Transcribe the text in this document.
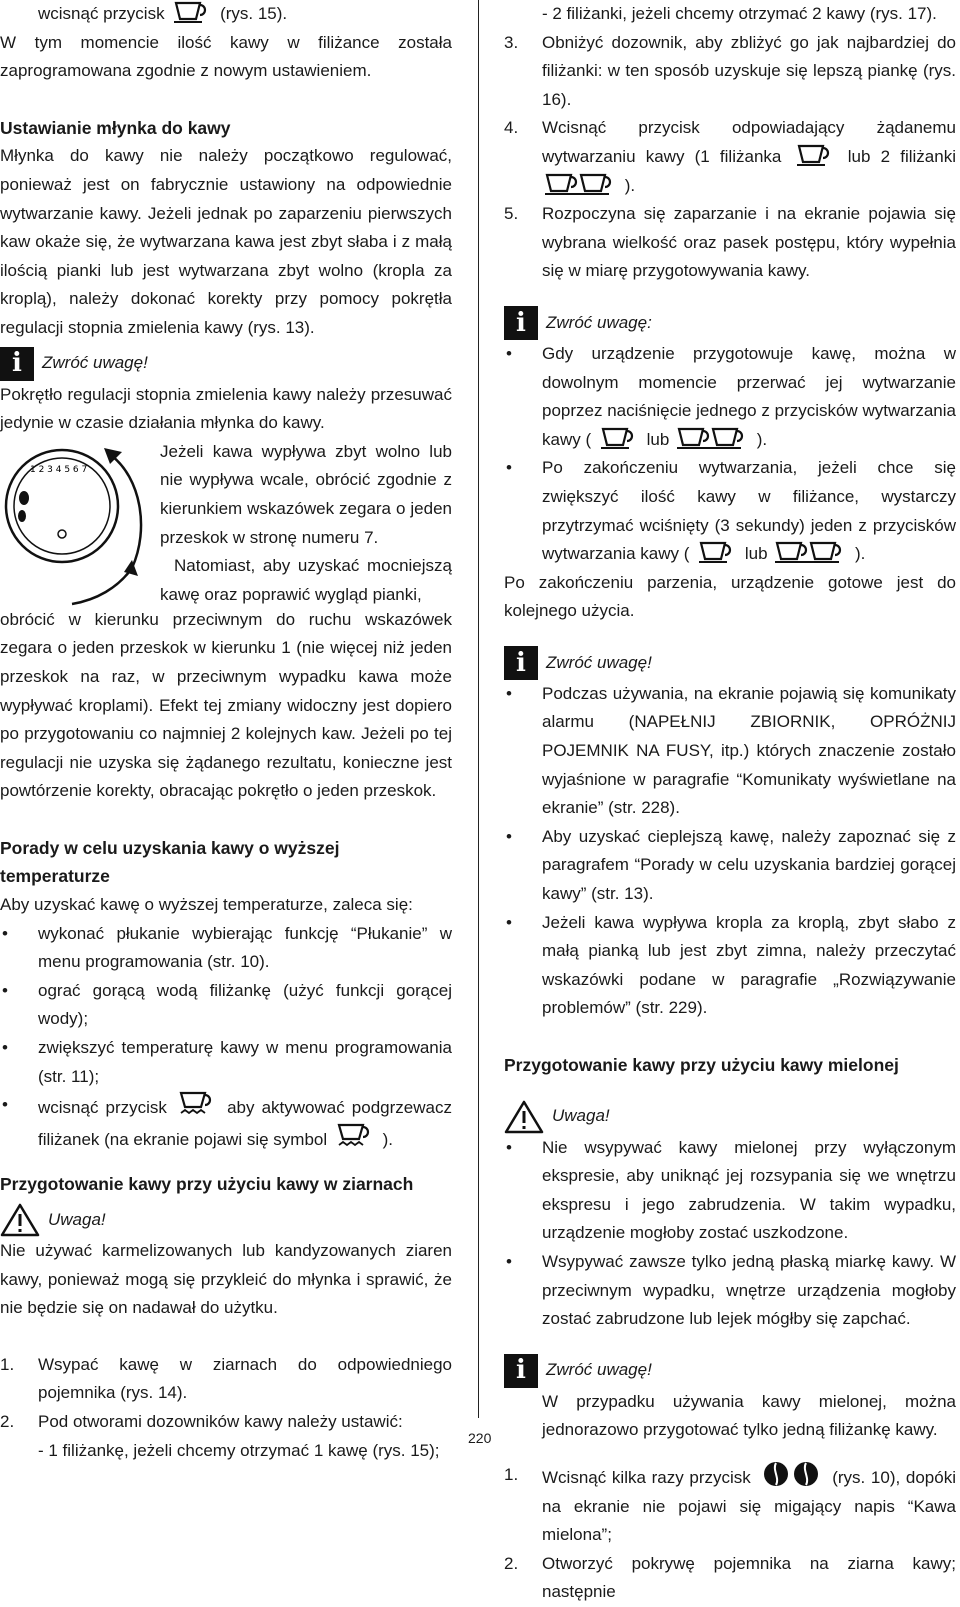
wcisnąć przycisk	(rys. 15).

W tym momencie ilość kawy w filiżance została zaprogramowana zgodnie z nowym ustawieniem.

Ustawianie młynka do kawy

Młynka do kawy nie należy początkowo regulować, ponieważ jest on fabrycznie ustawiony na odpowiednie wytwarzanie kawy. Jeżeli jednak po zaparzeniu pierwszych kaw okaże się, że wytwarzana kawa jest zbyt słaba i z małą ilością pianki lub jest wytwarzana zbyt wolno (kropla za kroplą), należy dokonać korekty przy pomocy pokrętła regulacji stopnia zmielenia kawy (rys. 13).

i	Zwróć uwagę!

Pokrętło regulacji stopnia zmielenia kawy należy przesuwać jedynie w czasie działania młynka do kawy.

1 2 3 4 5 6 7

Jeżeli kawa wypływa zbyt wolno lub nie wypływa wcale, obrócić zgodnie z kierunkiem wskazówek zegara o jeden przeskok w stronę numeru 7.

Natomiast, aby uzyskać mocniejszą kawę oraz poprawić wygląd pianki,

obrócić w kierunku przeciwnym do ruchu wskazówek zegara o jeden przeskok w kierunku 1 (nie więcej niż jeden przeskok na raz, w przeciwnym wypadku kawa może wypływać kroplami). Efekt tej zmiany widoczny jest dopiero po przygotowaniu co najmniej 2 kolejnych kaw. Jeżeli po tej regulacji nie uzyska się żądanego rezultatu, konieczne jest powtórzenie korekty, obracając pokrętło o jeden przeskok.

Porady w celu uzyskania kawy o wyższej temperaturze

Aby uzyskać kawę o wyższej temperaturze, zaleca się:

• wykonać płukanie wybierając funkcję “Płukanie” w menu programowania (str. 10).
• ograć gorącą wodą filiżankę (użyć funkcji gorącej wody);
• zwiększyć temperaturę kawy w menu programowania (str. 11);
• wcisnąć przycisk	aby aktywować podgrzewacz filiżanek (na ekranie pojawi się symbol	).
Przygotowanie kawy przy użyciu kawy w ziarnach
Uwaga!

Nie używać karmelizowanych lub kandyzowanych ziaren kawy, ponieważ mogą się przykleić do młynka i sprawić, że nie będzie się on nadawał do użytku.

1. Wsypać kawę w ziarnach do odpowiedniego pojemnika (rys. 14).
2. Pod otworami dozowników kawy należy ustawić:

- 1 filiżankę, jeżeli chcemy otrzymać 1 kawę (rys. 15);

- 2 filiżanki, jeżeli chcemy otrzymać 2 kawy (rys. 17).

3. Obniżyć dozownik, aby zbliżyć go jak najbardziej do filiżanki: w ten sposób uzyskuje się lepszą piankę (rys. 16).
4. Wcisnąć przycisk odpowiadający żądanemu wytwarzaniu kawy (1 filiżanka	lub 2 filiżanki  ).
5. Rozpoczyna się zaparzanie i na ekranie pojawia się wybrana wielkość oraz pasek postępu, który wypełnia się w miarę przygotowywania kawy.
i	Zwróć uwagę:
• Gdy urządzenie przygotowuje kawę, można w dowolnym momencie przerwać jej wytwarzanie poprzez naciśnięcie jednego z przycisków wytwarzania kawy (	lub	).
• Po zakończeniu wytwarzania, jeżeli chce się zwiększyć ilość kawy w filiżance, wystarczy przytrzymać wciśnięty (3 sekundy) jeden z przycisków wytwarzania kawy (	lub	).

Po zakończeniu parzenia, urządzenie gotowe jest do kolejnego użycia.

i	Zwróć uwagę!
• Podczas używania, na ekranie pojawią się komunikaty alarmu (NAPEŁNIJ ZBIORNIK, OPRÓŻNIJ POJEMNIK NA FUSY, itp.) których znaczenie zostało wyjaśnione w paragrafie “Komunikaty wyświetlane na ekranie” (str. 228).
• Aby uzyskać cieplejszą kawę, należy zapoznać się z paragrafem “Porady w celu uzyskania bardziej gorącej kawy” (str. 13).
• Jeżeli kawa wypływa kropla za kroplą, zbyt słabo z małą pianką lub jest zbyt zimna, należy przeczytać wskazówki podane w paragrafie „Rozwiązywanie problemów” (str. 229).
Przygotowanie kawy przy użyciu kawy mielonej
Uwaga!
• Nie wsypywać kawy mielonej przy wyłączonym ekspresie, aby uniknąć jej rozsypania się we wnętrzu ekspresu i jego zabrudzenia. W takim wypadku, urządzenie mogłoby zostać uszkodzone.
• Wsypywać zawsze tylko jedną płaską miarkę kawy. W przeciwnym wypadku, wnętrze urządzenia mogłoby zostać zabrudzone lub lejek mógłby się zapchać.
i	Zwróć uwagę!

W przypadku używania kawy mielonej, można jednorazowo przygotować tylko jedną filiżankę kawy.

1. Wcisnąć kilka razy przycisk	(rys. 10), dopóki na ekranie nie pojawi się migający napis “Kawa mielona”;
2. Otworzyć pokrywę pojemnika na ziarna kawy; następnie
220
